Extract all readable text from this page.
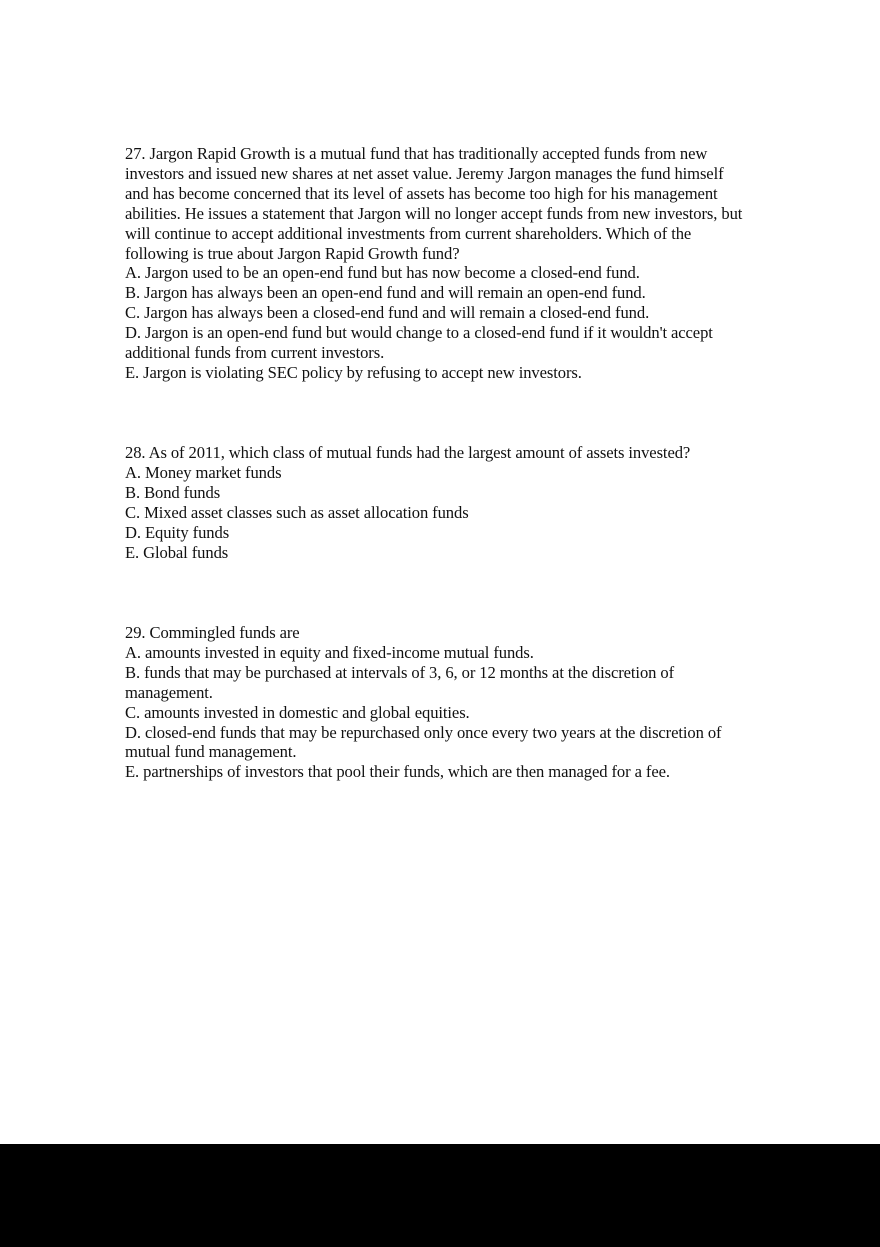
27. Jargon Rapid Growth is a mutual fund that has traditionally accepted funds from new

investors and issued new shares at net asset value. Jeremy Jargon manages the fund himself

and has become concerned that its level of assets has become too high for his management

abilities. He issues a statement that Jargon will no longer accept funds from new investors, but

will continue to accept additional investments from current shareholders. Which of the

following is true about Jargon Rapid Growth fund?

A. Jargon used to be an open-end fund but has now become a closed-end fund.

B. Jargon has always been an open-end fund and will remain an open-end fund.

C. Jargon has always been a closed-end fund and will remain a closed-end fund.

D. Jargon is an open-end fund but would change to a closed-end fund if it wouldn't accept

additional funds from current investors.

E. Jargon is violating SEC policy by refusing to accept new investors.

28. As of 2011, which class of mutual funds had the largest amount of assets invested?

A. Money market funds

B. Bond funds

C. Mixed asset classes such as asset allocation funds

D. Equity funds

E. Global funds

29. Commingled funds are

A. amounts invested in equity and fixed-income mutual funds.

B. funds that may be purchased at intervals of 3, 6, or 12 months at the discretion of

management.

C. amounts invested in domestic and global equities.

D. closed-end funds that may be repurchased only once every two years at the discretion of

mutual fund management.

E. partnerships of investors that pool their funds, which are then managed for a fee.
